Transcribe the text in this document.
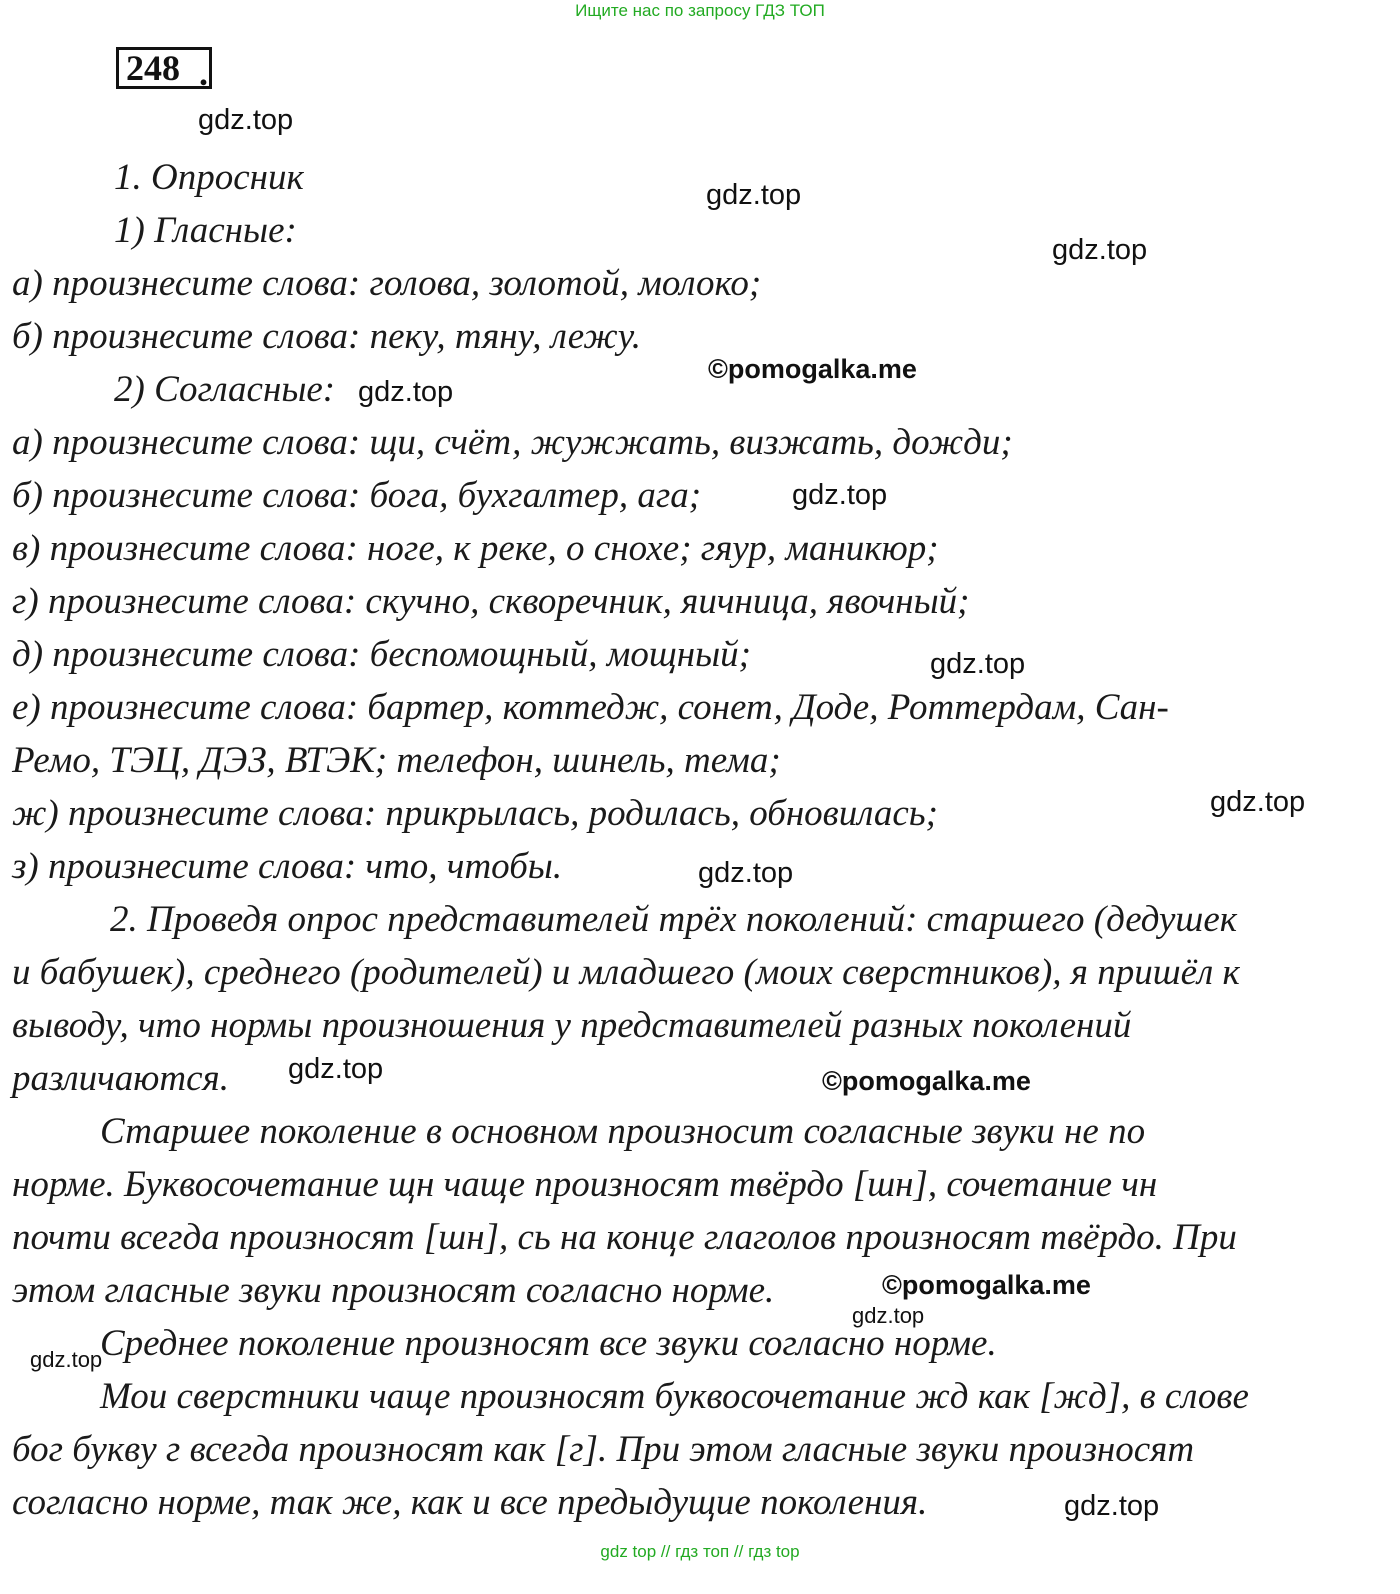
Ищите нас по запросу ГДЗ ТОП
248 .
1. Опросник
1) Гласные:
а) произнесите слова: голова, золотой, молоко;
б) произнесите слова: пеку, тяну, лежу.
2) Согласные:
а) произнесите слова: щи, счёт, жужжать, визжать, дожди;
б) произнесите слова: бога, бухгалтер, ага;
в) произнесите слова: ноге, к реке, о снохе; гяур, маникюр;
г) произнесите слова: скучно, скворечник, яичница, явочный;
д) произнесите слова: беспомощный, мощный;
е) произнесите слова: бартер, коттедж, сонет, Доде, Роттердам, Сан-
Ремо, ТЭЦ, ДЭЗ, ВТЭК; телефон, шинель, тема;
ж) произнесите слова: прикрылась, родилась, обновилась;
з) произнесите слова: что, чтобы.
2. Проведя опрос представителей трёх поколений: старшего (дедушек
и бабушек), среднего (родителей) и младшего (моих сверстников), я пришёл к
выводу, что нормы произношения у представителей разных поколений
различаются.
Старшее поколение в основном произносит согласные звуки не по
норме. Буквосочетание щн чаще произносят твёрдо [шн], сочетание чн
почти всегда произносят [шн], сь на конце глаголов произносят твёрдо. При
этом гласные звуки произносят согласно норме.
Среднее поколение произносят все звуки согласно норме.
Мои сверстники чаще произносят буквосочетание жд как [жд], в слове
бог букву г всегда произносят как [г]. При этом гласные звуки произносят
согласно норме, так же, как и все предыдущие поколения.
gdz.top
gdz.top
gdz.top
©pomogalka.me
gdz.top
gdz.top
gdz.top
gdz.top
gdz.top
gdz.top	©pomogalka.me
©pomogalka.me
gdz.top
gdz.top
gdz.top
gdz top // гдз топ // гдз top
